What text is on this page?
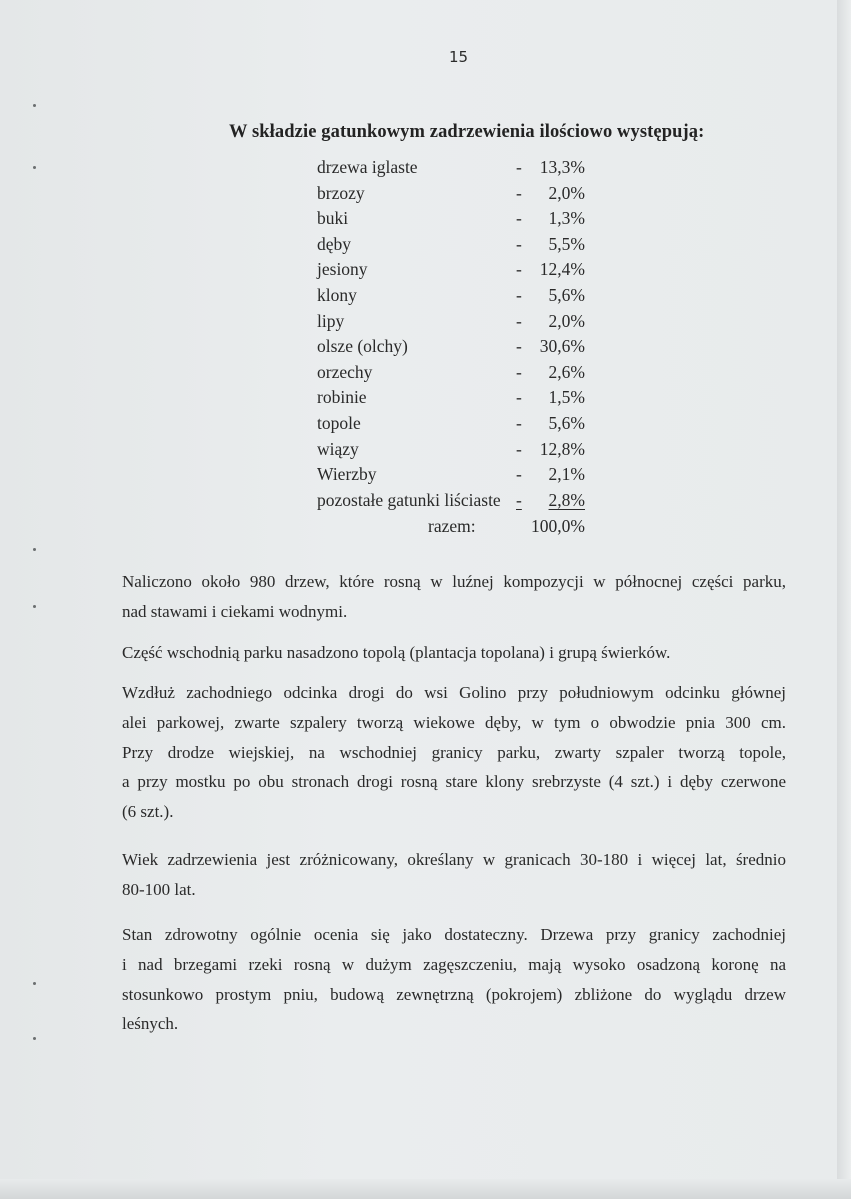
15
W składzie gatunkowym zadrzewienia ilościowo występują:
drzewa iglaste	- 13,3%
brzozy	- 2,0%
buki	- 1,3%
dęby	- 5,5%
jesiony	- 12,4%
klony	- 5,6%
lipy	- 2,0%
olsze (olchy)	- 30,6%
orzechy	- 2,6%
robinie	- 1,5%
topole	- 5,6%
wiązy	- 12,8%
Wierzby	- 2,1%
pozostałe gatunki liściaste - 2,8%
razem:	100,0%
Naliczono około 980 drzew, które rosną w luźnej kompozycji w północnej części parku,
nad stawami i ciekami wodnymi.
Część wschodnią parku nasadzono topolą (plantacja topolana) i grupą świerków.
Wzdłuż zachodniego odcinka drogi do wsi Golino przy południowym odcinku głównej
alei parkowej, zwarte szpalery tworzą wiekowe dęby, w tym o obwodzie pnia 300 cm.
Przy drodze wiejskiej, na wschodniej granicy parku, zwarty szpaler tworzą topole,
a przy mostku po obu stronach drogi rosną stare klony srebrzyste (4 szt.) i dęby czerwone
(6 szt.).
Wiek zadrzewienia jest zróżnicowany, określany w granicach 30-180 i więcej lat, średnio
80-100 lat.
Stan zdrowotny ogólnie ocenia się jako dostateczny. Drzewa przy granicy zachodniej
i nad brzegami rzeki rosną w dużym zagęszczeniu, mają wysoko osadzoną koronę na
stosunkowo prostym pniu, budową zewnętrzną (pokrojem) zbliżone do wyglądu drzew
leśnych.
